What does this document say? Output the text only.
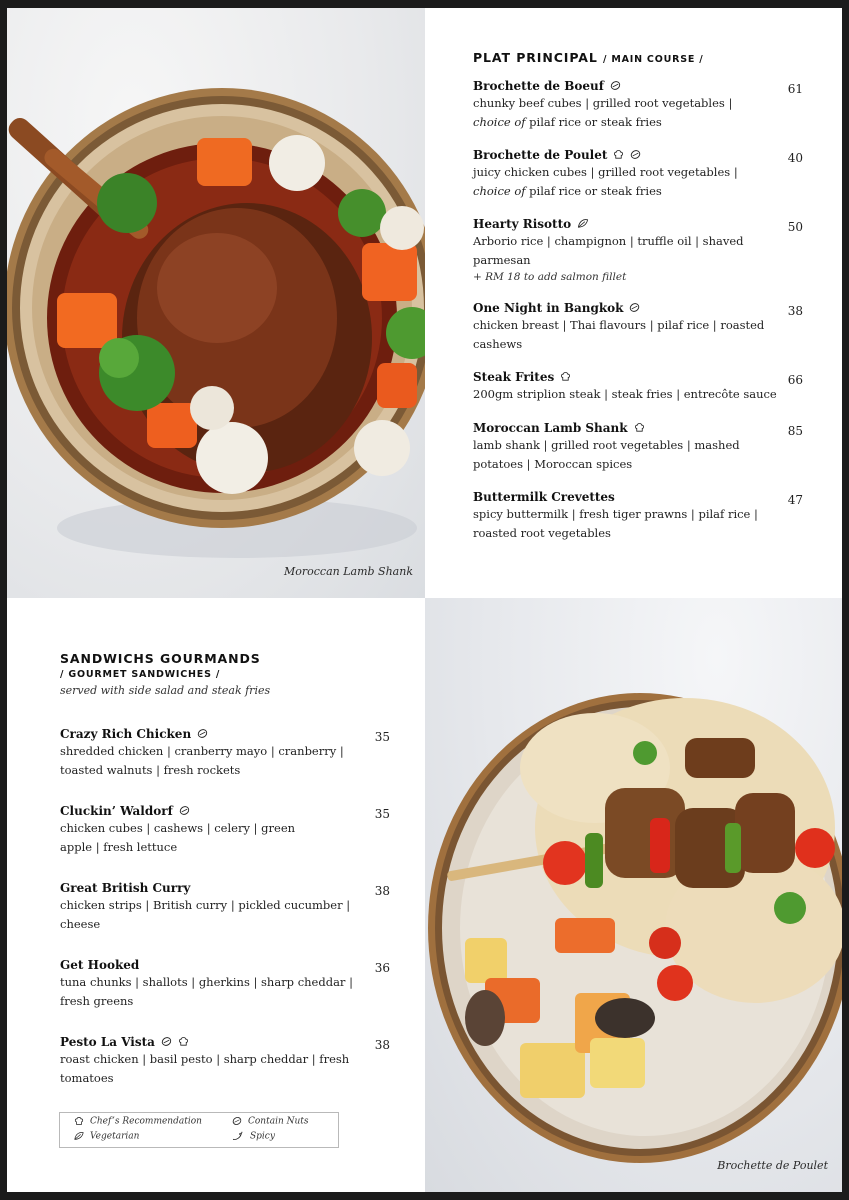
Moroccan Lamb Shank
Brochette de Poulet
PLAT PRINCIPAL / MAIN COURSE /
Brochette de Boeuf
chunky beef cubes | grilled root vegetables |
choice of pilaf rice or steak fries
61
Brochette de Poulet
juicy chicken cubes | grilled root vegetables |
choice of pilaf rice or steak fries
40
Hearty Risotto
Arborio rice | champignon | truffle oil | shaved
parmesan
+ RM 18 to add salmon fillet
50
One Night in Bangkok
chicken breast | Thai flavours | pilaf rice | roasted
cashews
38
Steak Frites
200gm striplion steak | steak fries | entrecôte sauce
66
Moroccan Lamb Shank
lamb shank | grilled root vegetables | mashed
potatoes | Moroccan spices
85
Buttermilk Crevettes
spicy buttermilk | fresh tiger prawns | pilaf rice |
roasted root vegetables
47
SANDWICHS GOURMANDS
/ GOURMET SANDWICHES /
served with side salad and steak fries
Crazy Rich Chicken
shredded chicken | cranberry mayo | cranberry |
toasted walnuts | fresh rockets
35
Cluckin’ Waldorf
chicken cubes | cashews | celery | green
apple | fresh lettuce
35
Great British Curry
chicken strips | British curry | pickled cucumber |
cheese
38
Get Hooked
tuna chunks | shallots | gherkins | sharp cheddar |
fresh greens
36
Pesto La Vista
roast chicken | basil pesto | sharp cheddar | fresh
tomatoes
38
Chef’s Recommendation
Vegetarian
Contain Nuts
Spicy
